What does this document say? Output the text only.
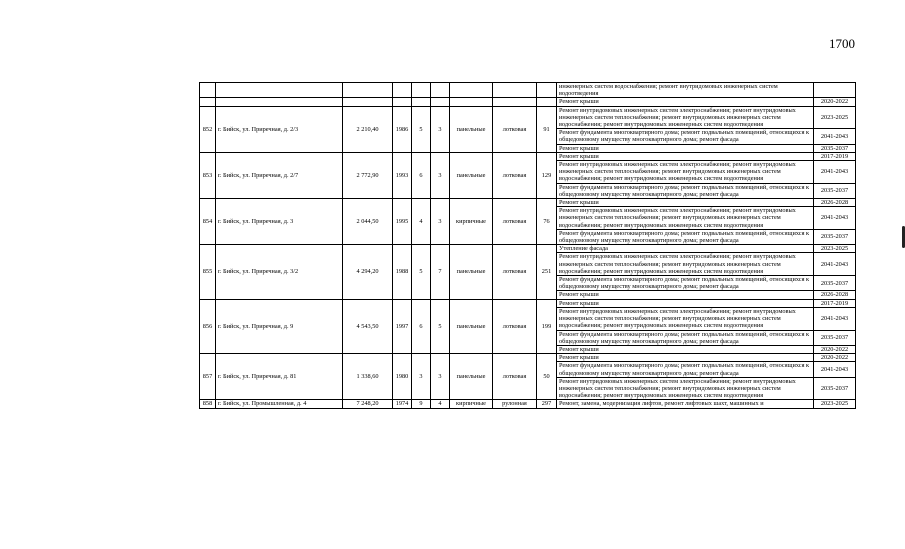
1700
									инженерных систем водоснабжения; ремонт внутридомовых инженерных систем водоотведения	
									Ремонт крыши	2020-2022
852	г. Бийск, ул. Приречная, д. 2/3	2 210,40	1986	5	3	панельные	лотковая	91	Ремонт внутридомовых инженерных систем электроснабжения; ремонт внутридомовых инженерных систем теплоснабжения; ремонт внутридомовых инженерных систем водоснабжения; ремонт внутридомовых инженерных систем водоотведения	2023-2025
									Ремонт фундамента многоквартирного дома; ремонт подвальных помещений, относящихся к общедомовому имуществу многоквартирного дома; ремонт фасада	2041-2043
									Ремонт крыши	2035-2037
853	г. Бийск, ул. Приречная, д. 2/7	2 772,90	1993	6	3	панельные	лотковая	129	Ремонт крыши	2017-2019
									Ремонт внутридомовых инженерных систем электроснабжения; ремонт внутридомовых инженерных систем теплоснабжения; ремонт внутридомовых инженерных систем водоснабжения; ремонт внутридомовых инженерных систем водоотведения	2041-2043
									Ремонт фундамента многоквартирного дома; ремонт подвальных помещений, относящихся к общедомовому имуществу многоквартирного дома; ремонт фасада	2035-2037
854	г. Бийск, ул. Приречная, д. 3	2 044,50	1995	4	3	кирпичные	лотковая	76	Ремонт крыши	2026-2028
									Ремонт внутридомовых инженерных систем электроснабжения; ремонт внутридомовых инженерных систем теплоснабжения; ремонт внутридомовых инженерных систем водоснабжения; ремонт внутридомовых инженерных систем водоотведения	2041-2043
									Ремонт фундамента многоквартирного дома; ремонт подвальных помещений, относящихся к общедомовому имуществу многоквартирного дома; ремонт фасада	2035-2037
855	г. Бийск, ул. Приречная, д. 3/2	4 294,20	1988	5	7	панельные	лотковая	251	Утепление фасада	2023-2025
									Ремонт внутридомовых инженерных систем электроснабжения; ремонт внутридомовых инженерных систем теплоснабжения; ремонт внутридомовых инженерных систем водоснабжения; ремонт внутридомовых инженерных систем водоотведения	2041-2043
									Ремонт фундамента многоквартирного дома; ремонт подвальных помещений, относящихся к общедомовому имуществу многоквартирного дома; ремонт фасада	2035-2037
									Ремонт крыши	2026-2028
856	г. Бийск, ул. Приречная, д. 9	4 543,50	1997	6	5	панельные	лотковая	199	Ремонт крыши	2017-2019
									Ремонт внутридомовых инженерных систем электроснабжения; ремонт внутридомовых инженерных систем теплоснабжения; ремонт внутридомовых инженерных систем водоснабжения; ремонт внутридомовых инженерных систем водоотведения	2041-2043
									Ремонт фундамента многоквартирного дома; ремонт подвальных помещений, относящихся к общедомовому имуществу многоквартирного дома; ремонт фасада	2035-2037
									Ремонт крыши	2020-2022
857	г. Бийск, ул. Приречная, д. 81	1 338,60	1980	3	3	панельные	лотковая	50	Ремонт крыши	2020-2022
									Ремонт фундамента многоквартирного дома; ремонт подвальных помещений, относящихся к общедомовому имуществу многоквартирного дома; ремонт фасада	2041-2043
									Ремонт внутридомовых инженерных систем электроснабжения; ремонт внутридомовых инженерных систем теплоснабжения; ремонт внутридомовых инженерных систем водоснабжения; ремонт внутридомовых инженерных систем водоотведения	2035-2037
858	г. Бийск, ул. Промышленная, д. 4	7 248,20	1974	9	4	кирпичные	рулонная	297	Ремонт, замена, модернизация лифтов, ремонт лифтовых шахт, машинных и	2023-2025
